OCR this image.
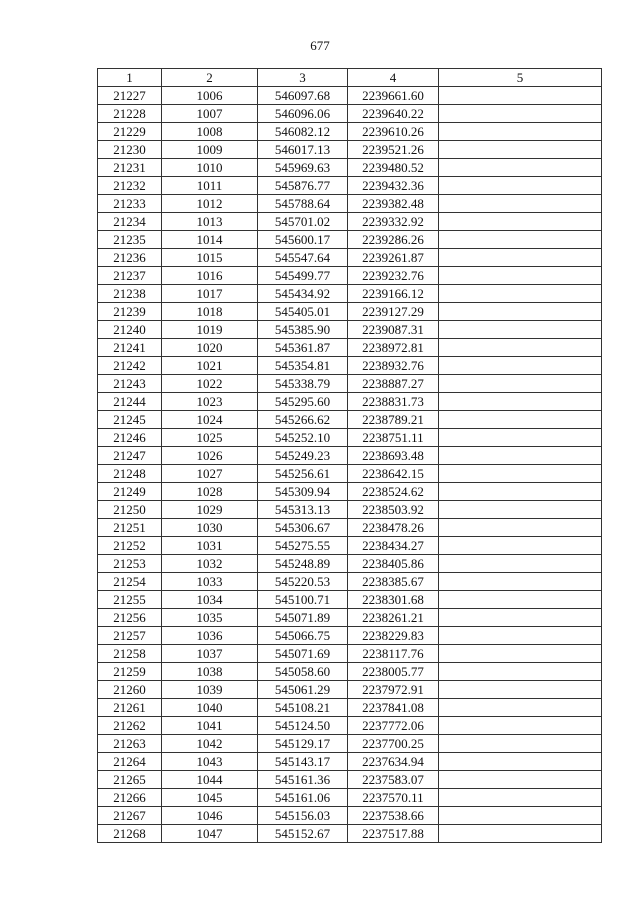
677
1	2	3	4	5
21227	1006	546097.68	2239661.60	
21228	1007	546096.06	2239640.22	
21229	1008	546082.12	2239610.26	
21230	1009	546017.13	2239521.26	
21231	1010	545969.63	2239480.52	
21232	1011	545876.77	2239432.36	
21233	1012	545788.64	2239382.48	
21234	1013	545701.02	2239332.92	
21235	1014	545600.17	2239286.26	
21236	1015	545547.64	2239261.87	
21237	1016	545499.77	2239232.76	
21238	1017	545434.92	2239166.12	
21239	1018	545405.01	2239127.29	
21240	1019	545385.90	2239087.31	
21241	1020	545361.87	2238972.81	
21242	1021	545354.81	2238932.76	
21243	1022	545338.79	2238887.27	
21244	1023	545295.60	2238831.73	
21245	1024	545266.62	2238789.21	
21246	1025	545252.10	2238751.11	
21247	1026	545249.23	2238693.48	
21248	1027	545256.61	2238642.15	
21249	1028	545309.94	2238524.62	
21250	1029	545313.13	2238503.92	
21251	1030	545306.67	2238478.26	
21252	1031	545275.55	2238434.27	
21253	1032	545248.89	2238405.86	
21254	1033	545220.53	2238385.67	
21255	1034	545100.71	2238301.68	
21256	1035	545071.89	2238261.21	
21257	1036	545066.75	2238229.83	
21258	1037	545071.69	2238117.76	
21259	1038	545058.60	2238005.77	
21260	1039	545061.29	2237972.91	
21261	1040	545108.21	2237841.08	
21262	1041	545124.50	2237772.06	
21263	1042	545129.17	2237700.25	
21264	1043	545143.17	2237634.94	
21265	1044	545161.36	2237583.07	
21266	1045	545161.06	2237570.11	
21267	1046	545156.03	2237538.66	
21268	1047	545152.67	2237517.88	
